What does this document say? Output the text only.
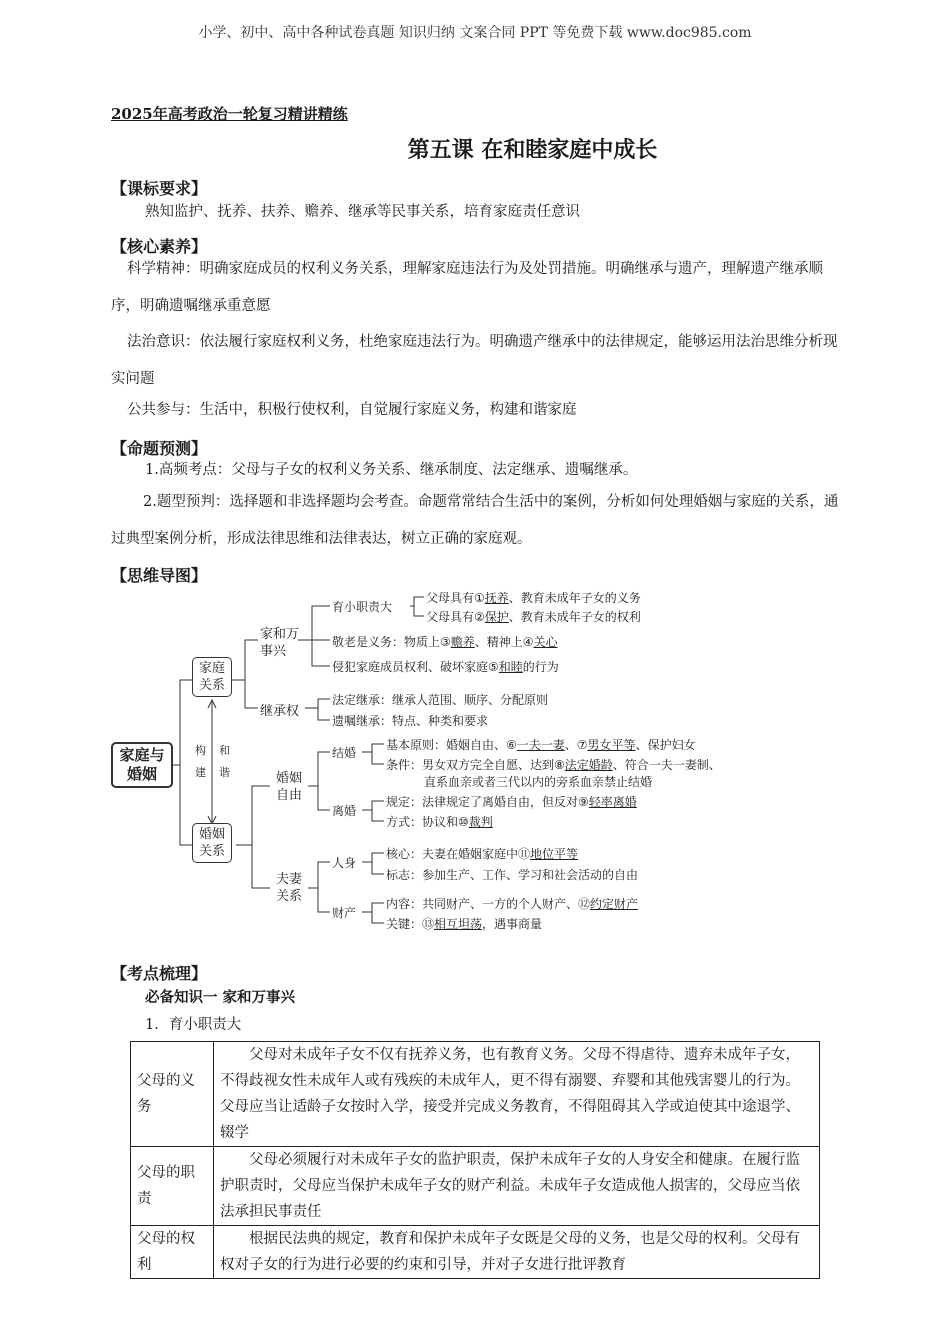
小学、初中、高中各种试卷真题 知识归纳 文案合同 PPT 等免费下载 www.doc985.com
2025年高考政治一轮复习精讲精练
第五课 在和睦家庭中成长
【课标要求】
熟知监护、抚养、扶养、赡养、继承等民事关系，培育家庭责任意识
【核心素养】
科学精神：明确家庭成员的权利义务关系，理解家庭违法行为及处罚措施。明确继承与遗产，理解遗产继承顺序，明确遗嘱继承重意愿
法治意识：依法履行家庭权利义务，杜绝家庭违法行为。明确遗产继承中的法律规定，能够运用法治思维分析现实问题
公共参与：生活中，积极行使权利，自觉履行家庭义务，构建和谐家庭
【命题预测】
1.高频考点：父母与子女的权利义务关系、继承制度、法定继承、遗嘱继承。
2.题型预判：选择题和非选择题均会考查。命题常常结合生活中的案例，分析如何处理婚姻与家庭的关系，通过典型案例分析，形成法律思维和法律表达，树立正确的家庭观。
【思维导图】
家庭与婚姻
家庭关系
婚姻关系
构建
和谐
家和万事兴
继承权
婚姻自由
夫妻关系
育小职责大
父母具有①抚养、教育未成年子女的义务
父母具有②保护、教育未成年子女的权利
敬老是义务：物质上③赡养、精神上④关心
侵犯家庭成员权利、破坏家庭⑤和睦的行为
法定继承：继承人范围、顺序、分配原则
遗嘱继承：特点、种类和要求
结婚
基本原则：婚姻自由、⑥一夫一妻、⑦男女平等、保护妇女
条件：男女双方完全自愿、达到⑧法定婚龄、符合一夫一妻制、
直系血亲或者三代以内的旁系血亲禁止结婚
离婚
规定：法律规定了离婚自由，但反对⑨轻率离婚
方式：协议和⑩裁判
人身
核心：夫妻在婚姻家庭中⑪地位平等
标志：参加生产、工作、学习和社会活动的自由
财产
内容：共同财产、一方的个人财产、⑫约定财产
关键：⑬相互坦荡，遇事商量
【考点梳理】
必备知识一 家和万事兴
1．育小职责大
父母的义务	父母对未成年子女不仅有抚养义务，也有教育义务。父母不得虐待、遗弃未成年子女，不得歧视女性未成年人或有残疾的未成年人，更不得有溺婴、弃婴和其他残害婴儿的行为。父母应当让适龄子女按时入学，接受并完成义务教育，不得阻碍其入学或迫使其中途退学、辍学
父母的职责	父母必须履行对未成年子女的监护职责，保护未成年子女的人身安全和健康。在履行监护职责时，父母应当保护未成年子女的财产利益。未成年子女造成他人损害的，父母应当依法承担民事责任
父母的权利	根据民法典的规定，教育和保护未成年子女既是父母的义务，也是父母的权利。父母有权对子女的行为进行必要的约束和引导，并对子女进行批评教育
